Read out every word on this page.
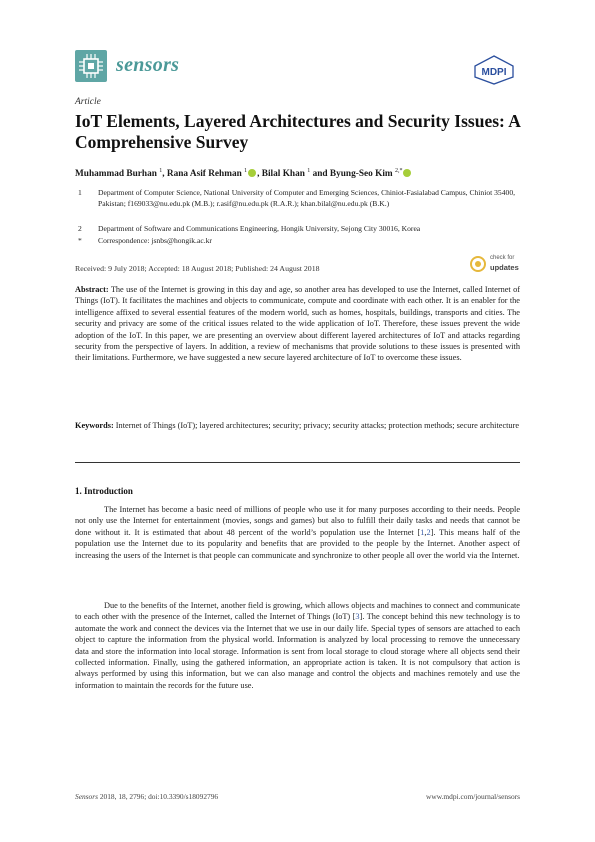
sensors	MDPI
Article
IoT Elements, Layered Architectures and Security Issues: A Comprehensive Survey
Muhammad Burhan $^1$, Rana Asif Rehman $^1$ , Bilal Khan $^1$ and Byung-Seo Kim $^{2,*}$
1	Department of Computer Science, National University of Computer and Emerging Sciences, Chiniot-Fasialabad Campus, Chiniot 35400, Pakistan; f169033@nu.edu.pk (M.B.); r.asif@nu.edu.pk (R.A.R.); khan.bilal@nu.edu.pk (B.K.)
2	Department of Software and Communications Engineering, Hongik University, Sejong City 30016, Korea
*	Correspondence: jsnbs@hongik.ac.kr
Received: 9 July 2018; Accepted: 18 August 2018; Published: 24 August 2018
check for
updates
Abstract: The use of the Internet is growing in this day and age, so another area has developed to use the Internet, called Internet of Things (IoT). It facilitates the machines and objects to communicate, compute and coordinate with each other. It is an enabler for the intelligence affixed to several essential features of the modern world, such as homes, hospitals, buildings, transports and cities. The security and privacy are some of the critical issues related to the wide application of IoT. Therefore, these issues prevent the wide adoption of the IoT. In this paper, we are presenting an overview about different layered architectures of IoT and attacks regarding security from the perspective of layers. In addition, a review of mechanisms that provide solutions to these issues is presented with their limitations. Furthermore, we have suggested a new secure layered architecture of IoT to overcome these issues.
Keywords: Internet of Things (IoT); layered architectures; security; privacy; security attacks; protection methods; secure architecture
1. Introduction
The Internet has become a basic need of millions of people who use it for many purposes according to their needs. People not only use the Internet for entertainment (movies, songs and games) but also to fulfill their daily tasks and needs that cannot be done without it. It is estimated that about 48 percent of the world’s population use the Internet [1,2]. This means half of the population use the Internet due to its popularity and benefits that are provided to the people by the Internet. Another aspect of increasing the users of the Internet is that people can communicate and synchronize to other people all over the world via the Internet.
Due to the benefits of the Internet, another field is growing, which allows objects and machines to connect and communicate to each other with the presence of the Internet, called the Internet of Things (IoT) [3]. The concept behind this new technology is to automate the work and connect the devices via the Internet that we use in our daily life. Special types of sensors are attached to each object to capture the information from the physical world. Information is analyzed by local processing to remove the unnecessary data and store the information into local storage. Information is sent from local storage to cloud storage where all objects send their collected information. Finally, using the gathered information, an appropriate action is taken. It is not compulsory that action is always performed by using this information, but we can also manage and control the objects and machines remotely and use the information to maintain the records for the future use.
Sensors 2018, 18, 2796; doi:10.3390/s18092796	www.mdpi.com/journal/sensors
